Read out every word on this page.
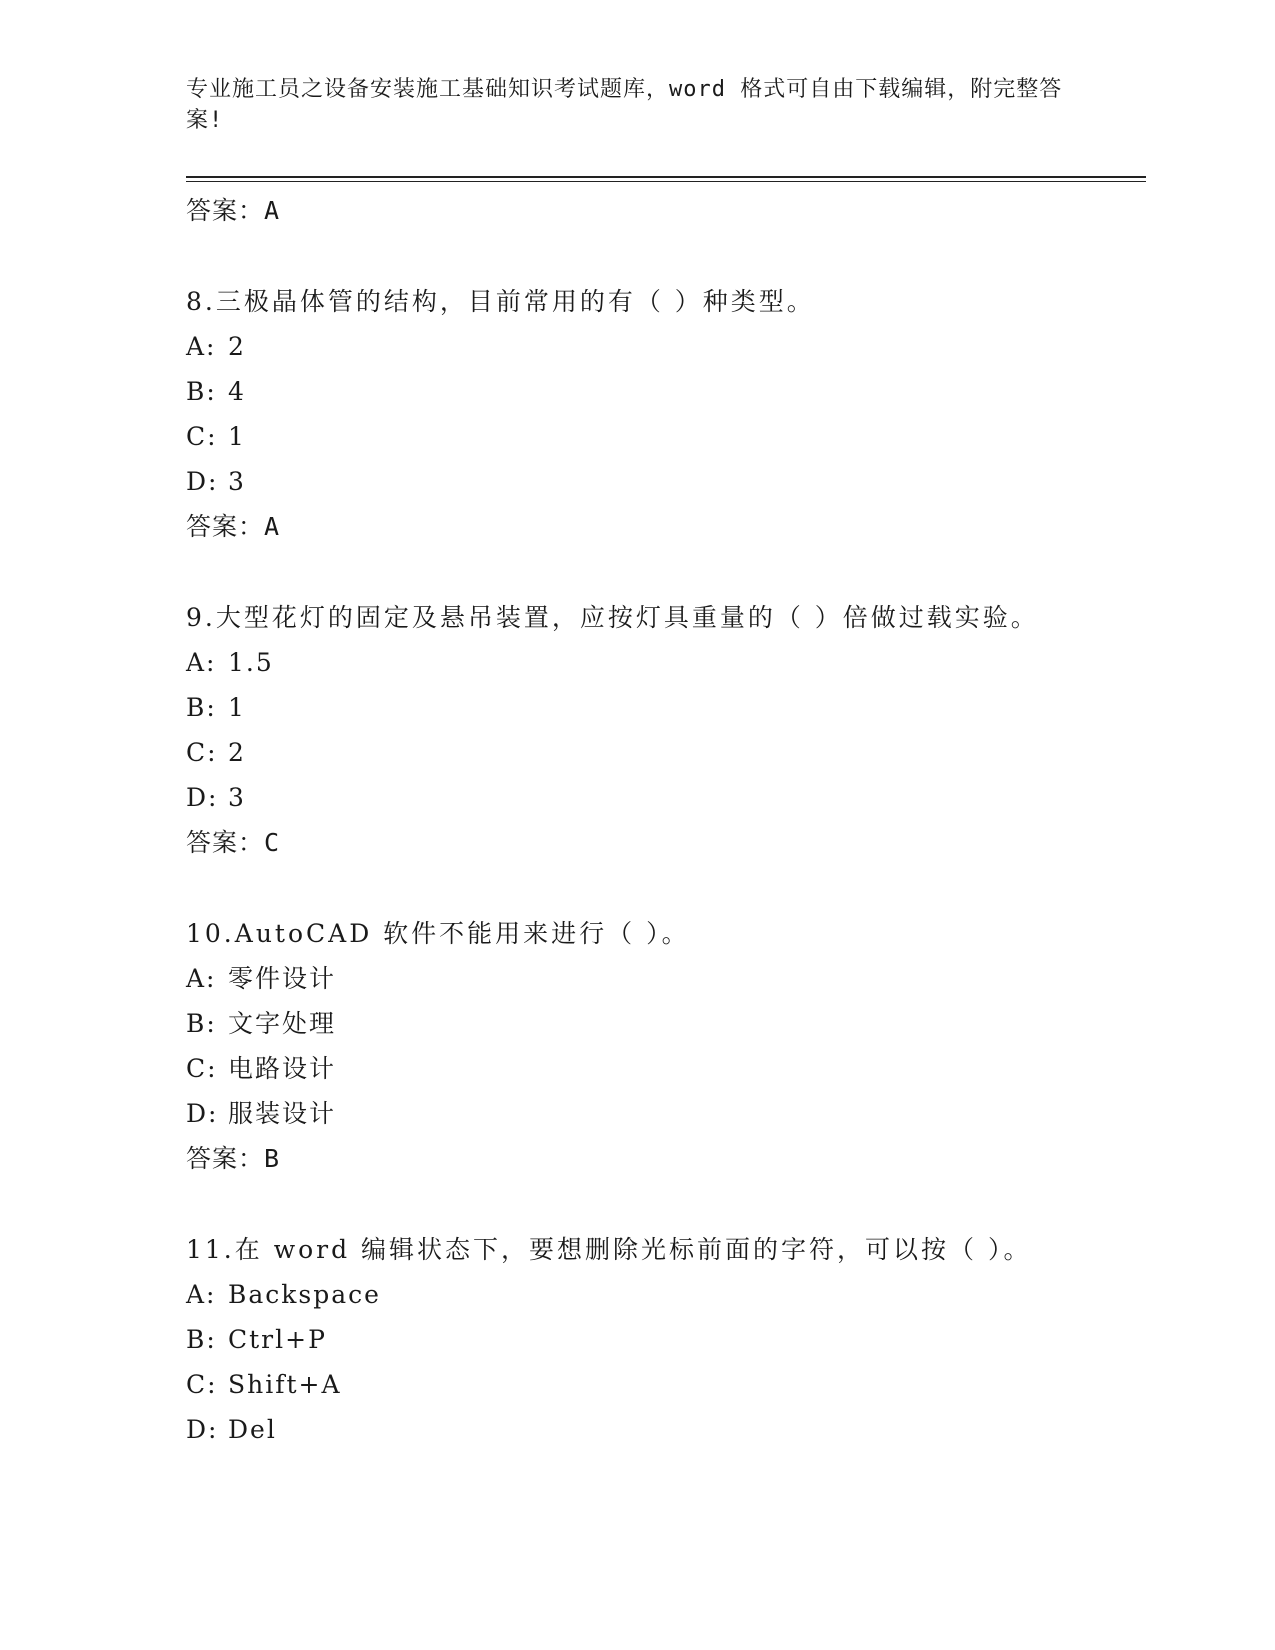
专业施工员之设备安装施工基础知识考试题库，word 格式可自由下载编辑，附完整答案!
答案：A
8.三极晶体管的结构，目前常用的有（ ）种类型。
A: 2
B: 4
C: 1
D: 3
答案：A
9.大型花灯的固定及悬吊装置，应按灯具重量的（ ）倍做过载实验。
A: 1.5
B: 1
C: 2
D: 3
答案：C
10.AutoCAD 软件不能用来进行（ ）。
A: 零件设计
B: 文字处理
C: 电路设计
D: 服装设计
答案：B
11.在 word 编辑状态下，要想删除光标前面的字符，可以按（ ）。
A: Backspace
B: Ctrl+P
C: Shift+A
D: Del
